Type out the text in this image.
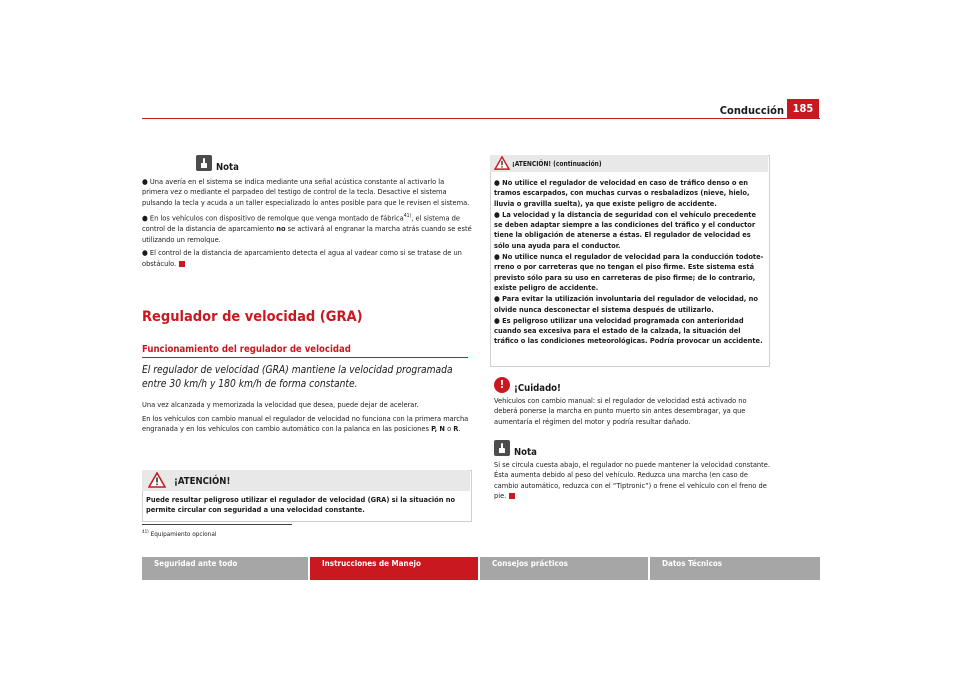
Conducción 185
Nota

● Una avería en el sistema se indica mediante una señal acústica constante al activarlo la primera vez o mediante el parpadeo del testigo de control de la tecla. Desactive el sistema pulsando la tecla y acuda a un taller especializado lo antes posible para que le revisen el sistema.

● En los vehículos con dispositivo de remolque que venga montado de fábrica$^{41)}$, el sistema de control de la distancia de aparcamiento no se activará al engranar la marcha atrás cuando se esté utilizando un remolque.

● El control de la distancia de aparcamiento detecta el agua al vadear como si se tratase de un obstáculo.

Regulador de velocidad (GRA)
Funcionamiento del regulador de velocidad
El regulador de velocidad (GRA) mantiene la velocidad programada entre 30 km/h y 180 km/h de forma constante.

Una vez alcanzada y memorizada la velocidad que desea, puede dejar de acelerar.

En los vehículos con cambio manual el regulador de velocidad no funciona con la primera marcha engranada y en los vehículos con cambio automático con la palanca en las posiciones P, N o R.

¡ATENCIÓN!
Puede resultar peligroso utilizar el regulador de velocidad (GRA) si la situación no permite circular con seguridad a una velocidad constante.
$^{41)}$ Equipamiento opcional
¡ATENCIÓN! (continuación)
● No utilice el regulador de velocidad en caso de tráfico denso o en tramos escarpados, con muchas curvas o resbaladizos (nieve, hielo, lluvia o gravilla suelta), ya que existe peligro de accidente.
● La velocidad y la distancia de seguridad con el vehículo precedente se deben adaptar siempre a las condiciones del tráfico y el conductor tiene la obligación de atenerse a éstas. El regulador de velocidad es sólo una ayuda para el conductor.
● No utilice nunca el regulador de velocidad para la conducción todoterreno o por carreteras que no tengan el piso firme. Este sistema está previsto sólo para su uso en carreteras de piso firme; de lo contrario, existe peligro de accidente.
● Para evitar la utilización involuntaria del regulador de velocidad, no olvide nunca desconectar el sistema después de utilizarlo.
● Es peligroso utilizar una velocidad programada con anterioridad cuando sea excesiva para el estado de la calzada, la situación del tráfico o las condiciones meteorológicas. Podría provocar un accidente.
!	¡Cuidado!
Vehículos con cambio manual: si el regulador de velocidad está activado no deberá ponerse la marcha en punto muerto sin antes desembragar, ya que aumentaría el régimen del motor y podría resultar dañado.
Nota
Si se circula cuesta abajo, el regulador no puede mantener la velocidad constante. Ésta aumenta debido al peso del vehículo. Reduzca una marcha (en caso de cambio automático, reduzca con el “Tiptronic”) o frene el vehículo con el freno de pie.
Seguridad ante todo	Instrucciones de Manejo	Consejos prácticos	Datos Técnicos
